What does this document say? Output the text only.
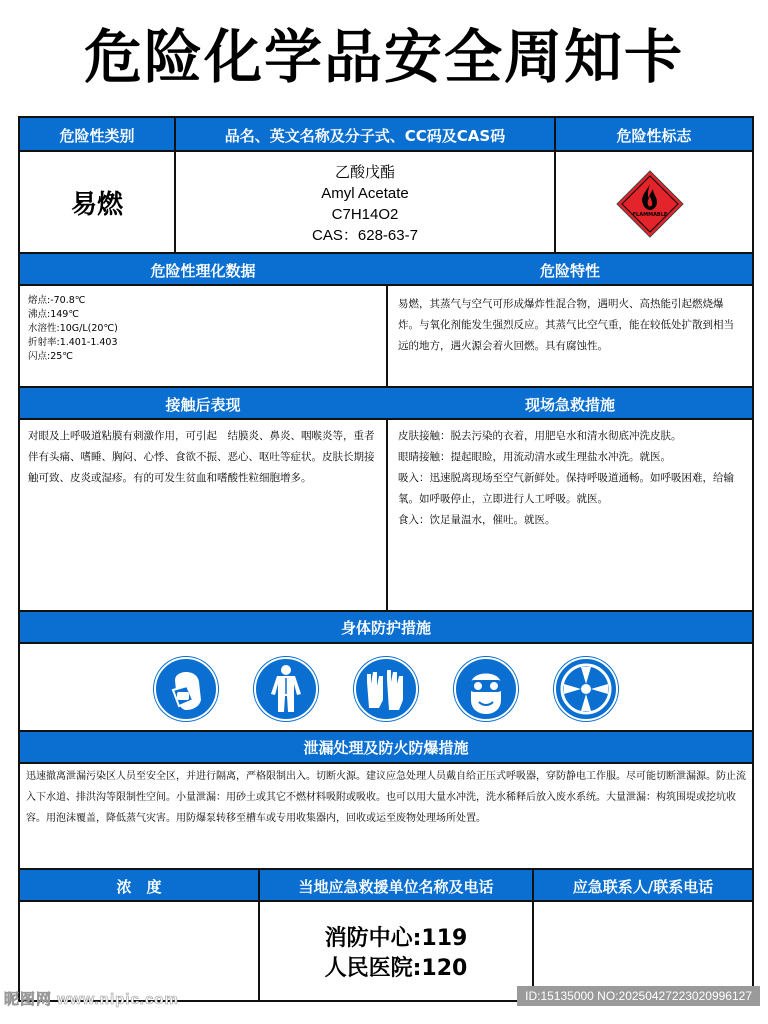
危险化学品安全周知卡
危险性类别	品名、英文名称及分子式、CC码及CAS码	危险性标志
易燃
乙酸戊酯
Amyl Acetate
C7H14O2
CAS：628-63-7
FLAMMABLE
危险性理化数据	危险特性
熔点:-70.8℃
沸点:149℃
水溶性:10G/L(20℃)
折射率:1.401-1.403
闪点:25℃
易燃，其蒸气与空气可形成爆炸性混合物，遇明火、高热能引起燃烧爆炸。与氧化剂能发生强烈反应。其蒸气比空气重，能在较低处扩散到相当远的地方，遇火源会着火回燃。具有腐蚀性。
接触后表现	现场急救措施
对眼及上呼吸道粘膜有刺激作用，可引起　结膜炎、鼻炎、咽喉炎等，重者伴有头痛、嗜睡、胸闷、心悸、食欲不振、恶心、呕吐等症状。皮肤长期接触可致、皮炎或湿疹。有的可发生贫血和嗜酸性粒细胞增多。
皮肤接触：脱去污染的衣着，用肥皂水和清水彻底冲洗皮肤。
眼睛接触：提起眼睑，用流动清水或生理盐水冲洗。就医。
吸入：迅速脱离现场至空气新鲜处。保持呼吸道通畅。如呼吸困难，给输氧。如呼吸停止，立即进行人工呼吸。就医。
食入：饮足量温水，催吐。就医。
身体防护措施
泄漏处理及防火防爆措施
迅速撤离泄漏污染区人员至安全区，并进行隔离，严格限制出入。切断火源。建议应急处理人员戴自给正压式呼吸器，穿防静电工作服。尽可能切断泄漏源。防止流入下水道、排洪沟等限制性空间。小量泄漏：用砂土或其它不燃材料吸附或吸收。也可以用大量水冲洗，洗水稀释后放入废水系统。大量泄漏：构筑围堤或挖坑收容。用泡沫覆盖，降低蒸气灾害。用防爆泵转移至槽车或专用收集器内，回收或运至废物处理场所处置。
浓　度	当地应急救援单位名称及电话	应急联系人/联系电话
消防中心:119
人民医院:120
昵图网 www.nipic.com	ID:15135000 NO:20250427223020996127
